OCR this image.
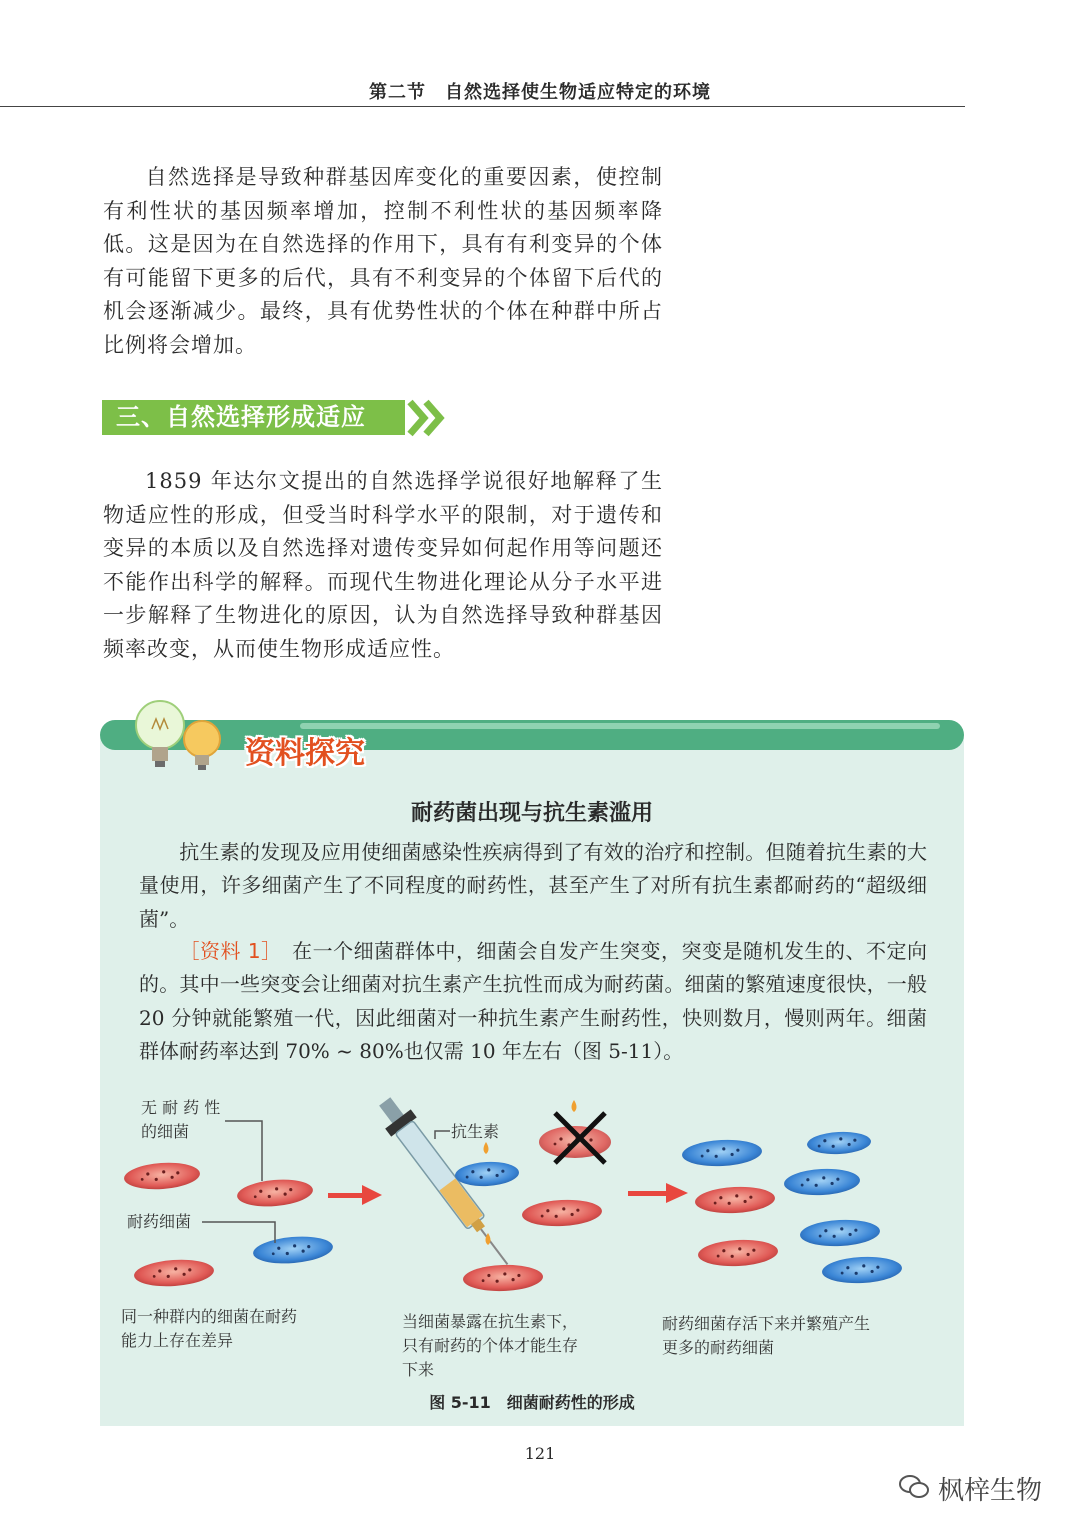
第二节　自然选择使生物适应特定的环境

自然选择是导致种群基因库变化的重要因素，使控制有利性状的基因频率增加，控制不利性状的基因频率降低。这是因为在自然选择的作用下，具有有利变异的个体有可能留下更多的后代，具有不利变异的个体留下后代的机会逐渐减少。最终，具有优势性状的个体在种群中所占比例将会增加。

三、自然选择形成适应

1859 年达尔文提出的自然选择学说很好地解释了生物适应性的形成，但受当时科学水平的限制，对于遗传和变异的本质以及自然选择对遗传变异如何起作用等问题还不能作出科学的解释。而现代生物进化理论从分子水平进一步解释了生物进化的原因，认为自然选择导致种群基因频率改变，从而使生物形成适应性。

资料探究
耐药菌出现与抗生素滥用

抗生素的发现及应用使细菌感染性疾病得到了有效的治疗和控制。但随着抗生素的大量使用，许多细菌产生了不同程度的耐药性，甚至产生了对所有抗生素都耐药的“超级细菌”。

［资料 1］　 在一个细菌群体中，细菌会自发产生突变，突变是随机发生的、不定向的。其中一些突变会让细菌对抗生素产生抗性而成为耐药菌。细菌的繁殖速度很快，一般 20 分钟就能繁殖一代，因此细菌对一种抗生素产生耐药性，快则数月，慢则两年。细菌群体耐药率达到 70% ~ 80%也仅需 10 年左右（图 5-11）。

无 耐 药 性
的细菌
耐药细菌
抗生素
同一种群内的细菌在耐药
能力上存在差异
当细菌暴露在抗生素下，
只有耐药的个体才能生存
下来
耐药细菌存活下来并繁殖产生
更多的耐药细菌
图 5-11　细菌耐药性的形成
121
枫梓生物
